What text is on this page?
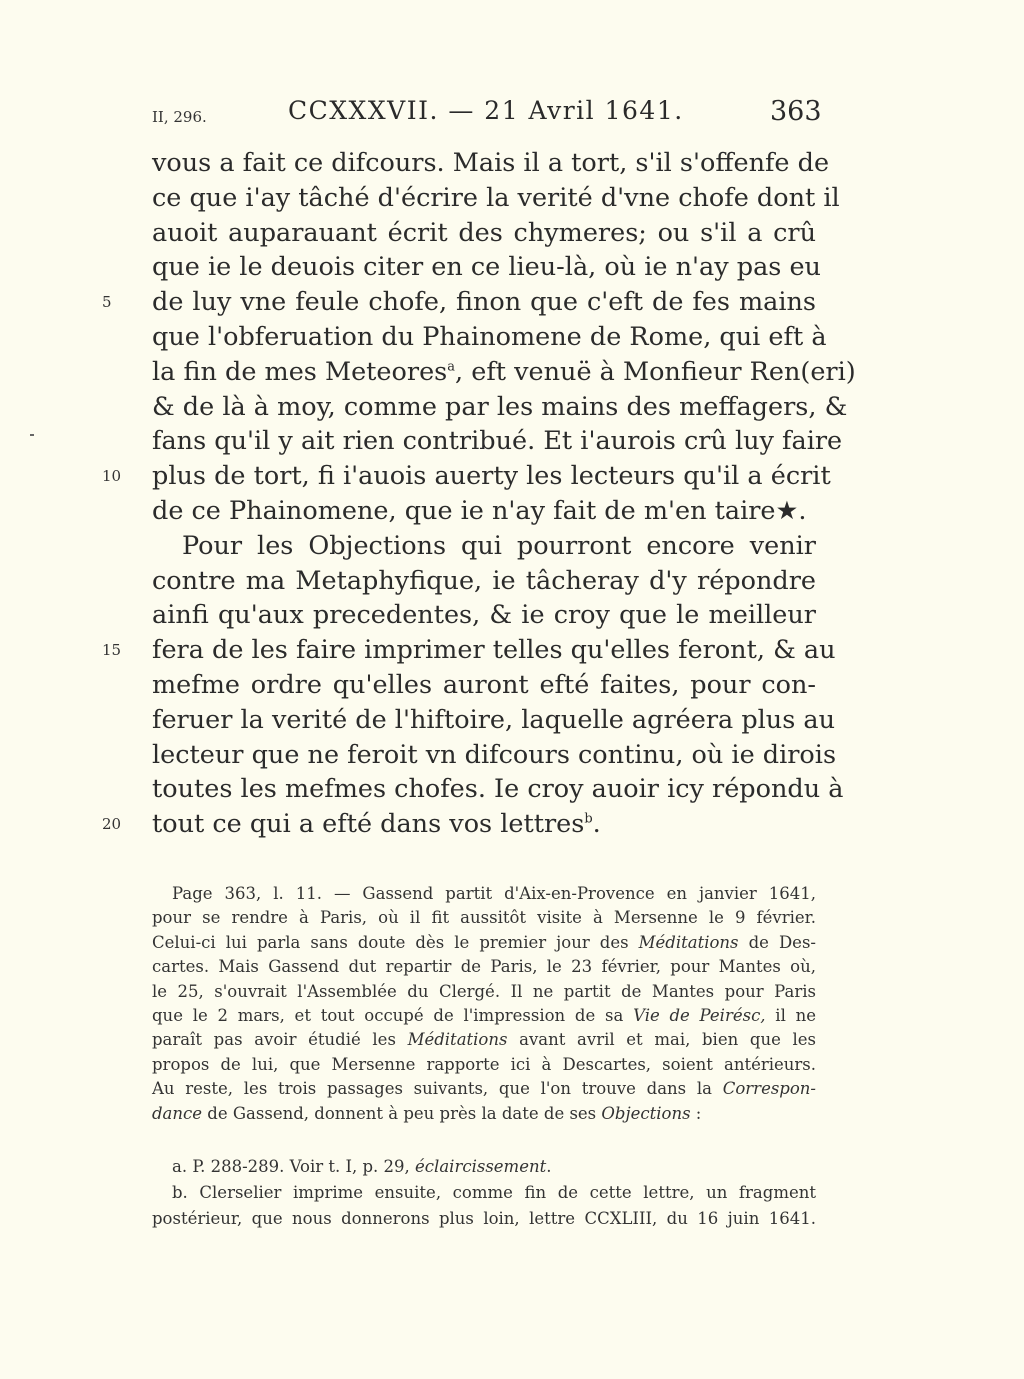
II, 296.	CCXXXVII. — 21 Avril 1641.	363
vous a fait ce difcours. Mais il a tort, s'il s'offenfe de
ce que i'ay tâché d'écrire la verité d'vne chofe dont il
auoit auparauant écrit des chymeres; ou s'il a crû
que ie le deuois citer en ce lieu-là, où ie n'ay pas eu
5 de luy vne feule chofe, finon que c'eft de fes mains
que l'obferuation du Phainomene de Rome, qui eft à
la fin de mes Meteores$^a$, eft venuë à Monfieur Ren(eri)
& de là à moy, comme par les mains des meffagers, &
fans qu'il y ait rien contribué. Et i'aurois crû luy faire
10 plus de tort, fi i'auois auerty les lecteurs qu'il a écrit
de ce Phainomene, que ie n'ay fait de m'en taire★.
Pour les Objections qui pourront encore venir
contre ma Metaphyfique, ie tâcheray d'y répondre
ainfi qu'aux precedentes, & ie croy que le meilleur
15 fera de les faire imprimer telles qu'elles feront, & au
mefme ordre qu'elles auront efté faites, pour con-
feruer la verité de l'hiftoire, laquelle agréera plus au
lecteur que ne feroit vn difcours continu, où ie dirois
toutes les mefmes chofes. Ie croy auoir icy répondu à
20 tout ce qui a efté dans vos lettres$^b$.
Page 363, l. 11. — Gassend partit d'Aix-en-Provence en janvier 1641,
pour se rendre à Paris, où il fit aussitôt visite à Mersenne le 9 février.
Celui-ci lui parla sans doute dès le premier jour des Méditations de Des-
cartes. Mais Gassend dut repartir de Paris, le 23 février, pour Mantes où,
le 25, s'ouvrait l'Assemblée du Clergé. Il ne partit de Mantes pour Paris
que le 2 mars, et tout occupé de l'impression de sa Vie de Peirésc, il ne
paraît pas avoir étudié les Méditations avant avril et mai, bien que les
propos de lui, que Mersenne rapporte ici à Descartes, soient antérieurs.
Au reste, les trois passages suivants, que l'on trouve dans la Correspon-
dance de Gassend, donnent à peu près la date de ses Objections :
a. P. 288-289. Voir t. I, p. 29, éclaircissement.
b. Clerselier imprime ensuite, comme fin de cette lettre, un fragment
postérieur, que nous donnerons plus loin, lettre CCXLIII, du 16 juin 1641.
